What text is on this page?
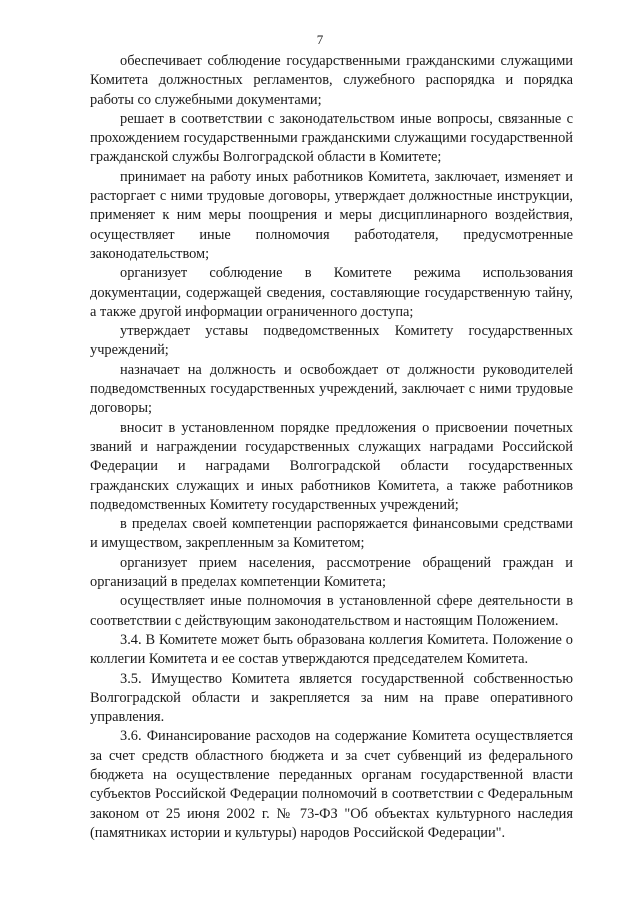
7

обеспечивает соблюдение государственными гражданскими служащими Комитета должностных регламентов, служебного распорядка и порядка работы со служебными документами;

решает в соответствии с законодательством иные вопросы, связанные с прохождением государственными гражданскими служащими государственной гражданской службы Волгоградской области в Комитете;

принимает на работу иных работников Комитета, заключает, изменяет и расторгает с ними трудовые договоры, утверждает должностные инструкции, применяет к ним меры поощрения и меры дисциплинарного воздействия, осуществляет иные полномочия работодателя, предусмотренные законодательством;

организует соблюдение в Комитете режима использования документации, содержащей сведения, составляющие государственную тайну, а также другой информации ограниченного доступа;

утверждает уставы подведомственных Комитету государственных учреждений;

назначает на должность и освобождает от должности руководителей подведомственных государственных учреждений, заключает с ними трудовые договоры;

вносит в установленном порядке предложения о присвоении почетных званий и награждении государственных служащих наградами Российской Федерации и наградами Волгоградской области государственных гражданских служащих и иных работников Комитета, а также работников подведомственных Комитету государственных учреждений;

в пределах своей компетенции распоряжается финансовыми средствами и имуществом, закрепленным за Комитетом;

организует прием населения, рассмотрение обращений граждан и организаций в пределах компетенции Комитета;

осуществляет иные полномочия в установленной сфере деятельности в соответствии с действующим законодательством и настоящим Положением.

3.4. В Комитете может быть образована коллегия Комитета. Положение о коллегии Комитета и ее состав утверждаются председателем Комитета.

3.5. Имущество Комитета является государственной собственностью Волгоградской области и закрепляется за ним на праве оперативного управления.

3.6. Финансирование расходов на содержание Комитета осуществляется за счет средств областного бюджета и за счет субвенций из федерального бюджета на осуществление переданных органам государственной власти субъектов Российской Федерации полномочий в соответствии с Федеральным законом от 25 июня 2002 г. № 73-ФЗ "Об объектах культурного наследия (памятниках истории и культуры) народов Российской Федерации".
